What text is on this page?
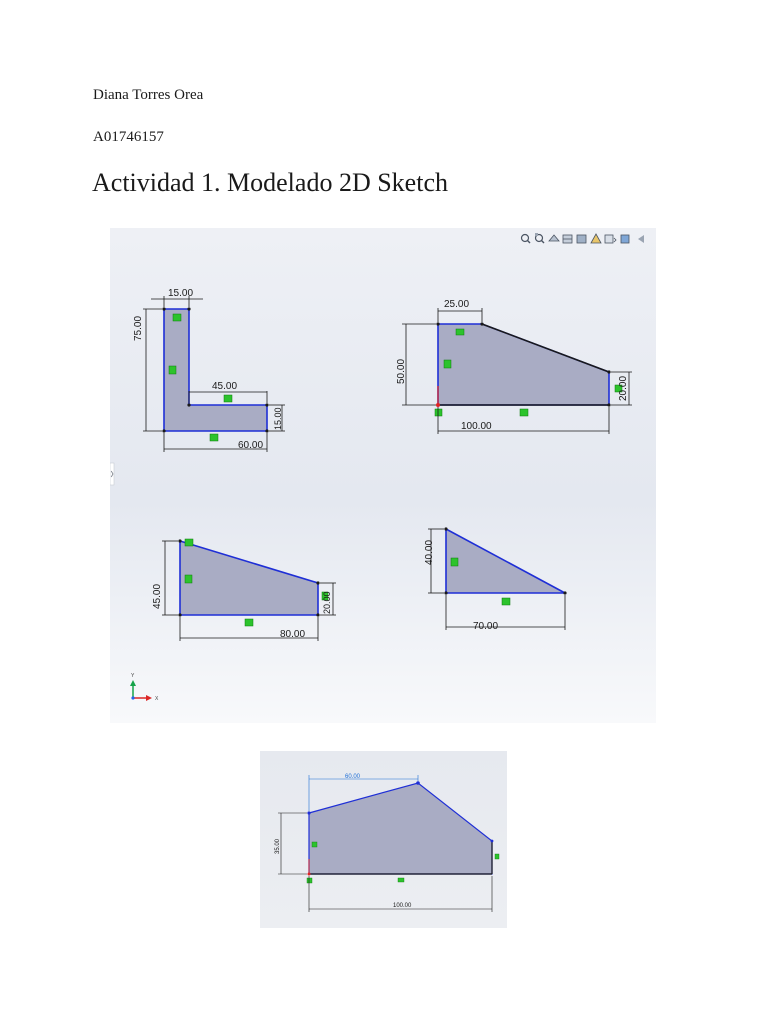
Diana Torres Orea
A01746157
Actividad 1. Modelado 2D Sketch
15.00
75.00
45.00
60.00
15.00
25.00
50.00
100.00
20.00
45.00
80.00
20.00
40.00
70.00
Y
X
60.00
35.00
100.00
